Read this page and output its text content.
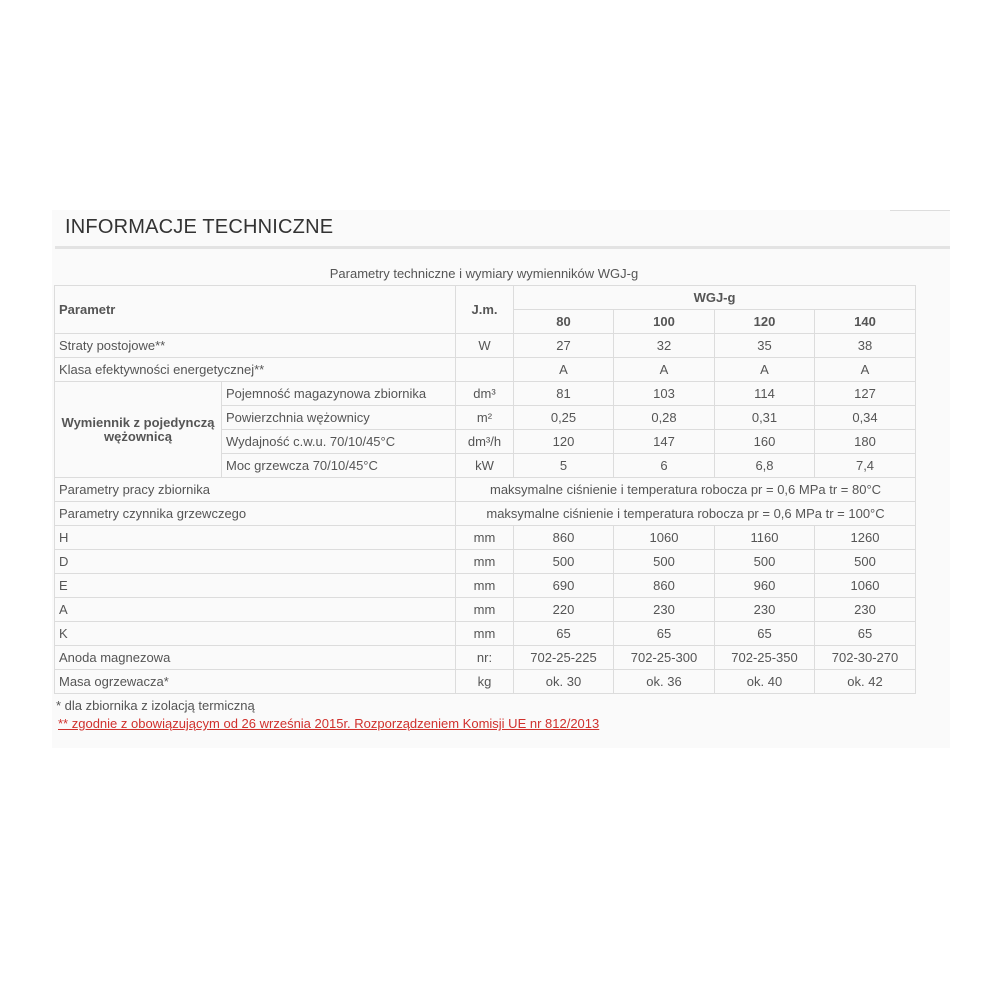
INFORMACJE TECHNICZNE
Parametry techniczne i wymiary wymienników WGJ-g
Parametr		J.m.	WGJ-g			
			80	100	120	140
Straty postojowe**		W	27	32	35	38
Klasa efektywności energetycznej**			A	A	A	A
Wymiennik z pojedynczą wężownicą	Pojemność magazynowa zbiornika	dm³	81	103	114	127
	Powierzchnia wężownicy	m²	0,25	0,28	0,31	0,34
	Wydajność c.w.u. 70/10/45°C	dm³/h	120	147	160	180
	Moc grzewcza 70/10/45°C	kW	5	6	6,8	7,4
Parametry pracy zbiornika		maksymalne ciśnienie i temperatura robocza pr = 0,6 MPa tr = 80°C				
Parametry czynnika grzewczego		maksymalne ciśnienie i temperatura robocza pr = 0,6 MPa tr = 100°C				
H		mm	860	1060	1160	1260
D		mm	500	500	500	500
E		mm	690	860	960	1060
A		mm	220	230	230	230
K		mm	65	65	65	65
Anoda magnezowa		nr:	702-25-225	702-25-300	702-25-350	702-30-270
Masa ogrzewacza*		kg	ok. 30	ok. 36	ok. 40	ok. 42
* dla zbiornika z izolacją termiczną
** zgodnie z obowiązującym od 26 września 2015r. Rozporządzeniem Komisji UE nr 812/2013
